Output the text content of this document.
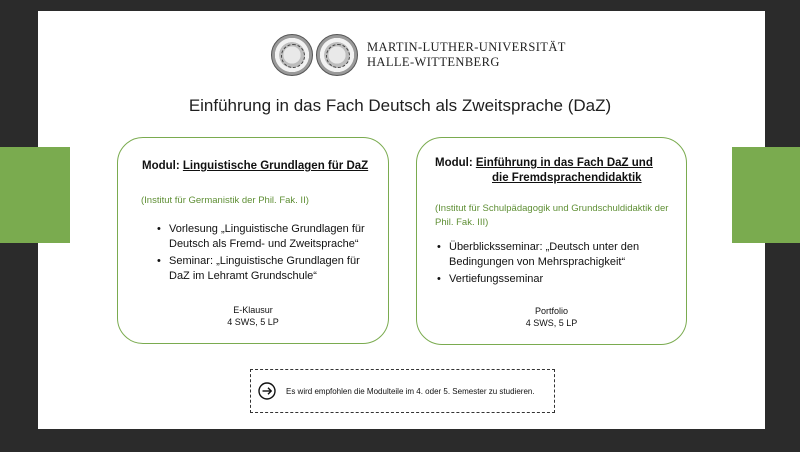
MARTIN-LUTHER-UNIVERSITÄT
HALLE-WITTENBERG
Einführung in das Fach Deutsch als Zweitsprache (DaZ)
Modul: Linguistische Grundlagen für DaZ
(Institut für Germanistik der Phil. Fak. II)
• Vorlesung „Linguistische Grundlagen für Deutsch als Fremd- und Zweitsprache“
• Seminar: „Linguistische Grundlagen für DaZ im Lehramt Grundschule“
E-Klausur
4 SWS, 5 LP
Modul: Einführung in das Fach DaZ und
die Fremdsprachendidaktik
(Institut für Schulpädagogik und Grundschuldidaktik der Phil. Fak. III)
• Überblicksseminar: „Deutsch unter den Bedingungen von Mehrsprachigkeit“
• Vertiefungsseminar
Portfolio
4 SWS, 5 LP
Es wird empfohlen die Modulteile im 4. oder 5. Semester zu studieren.
